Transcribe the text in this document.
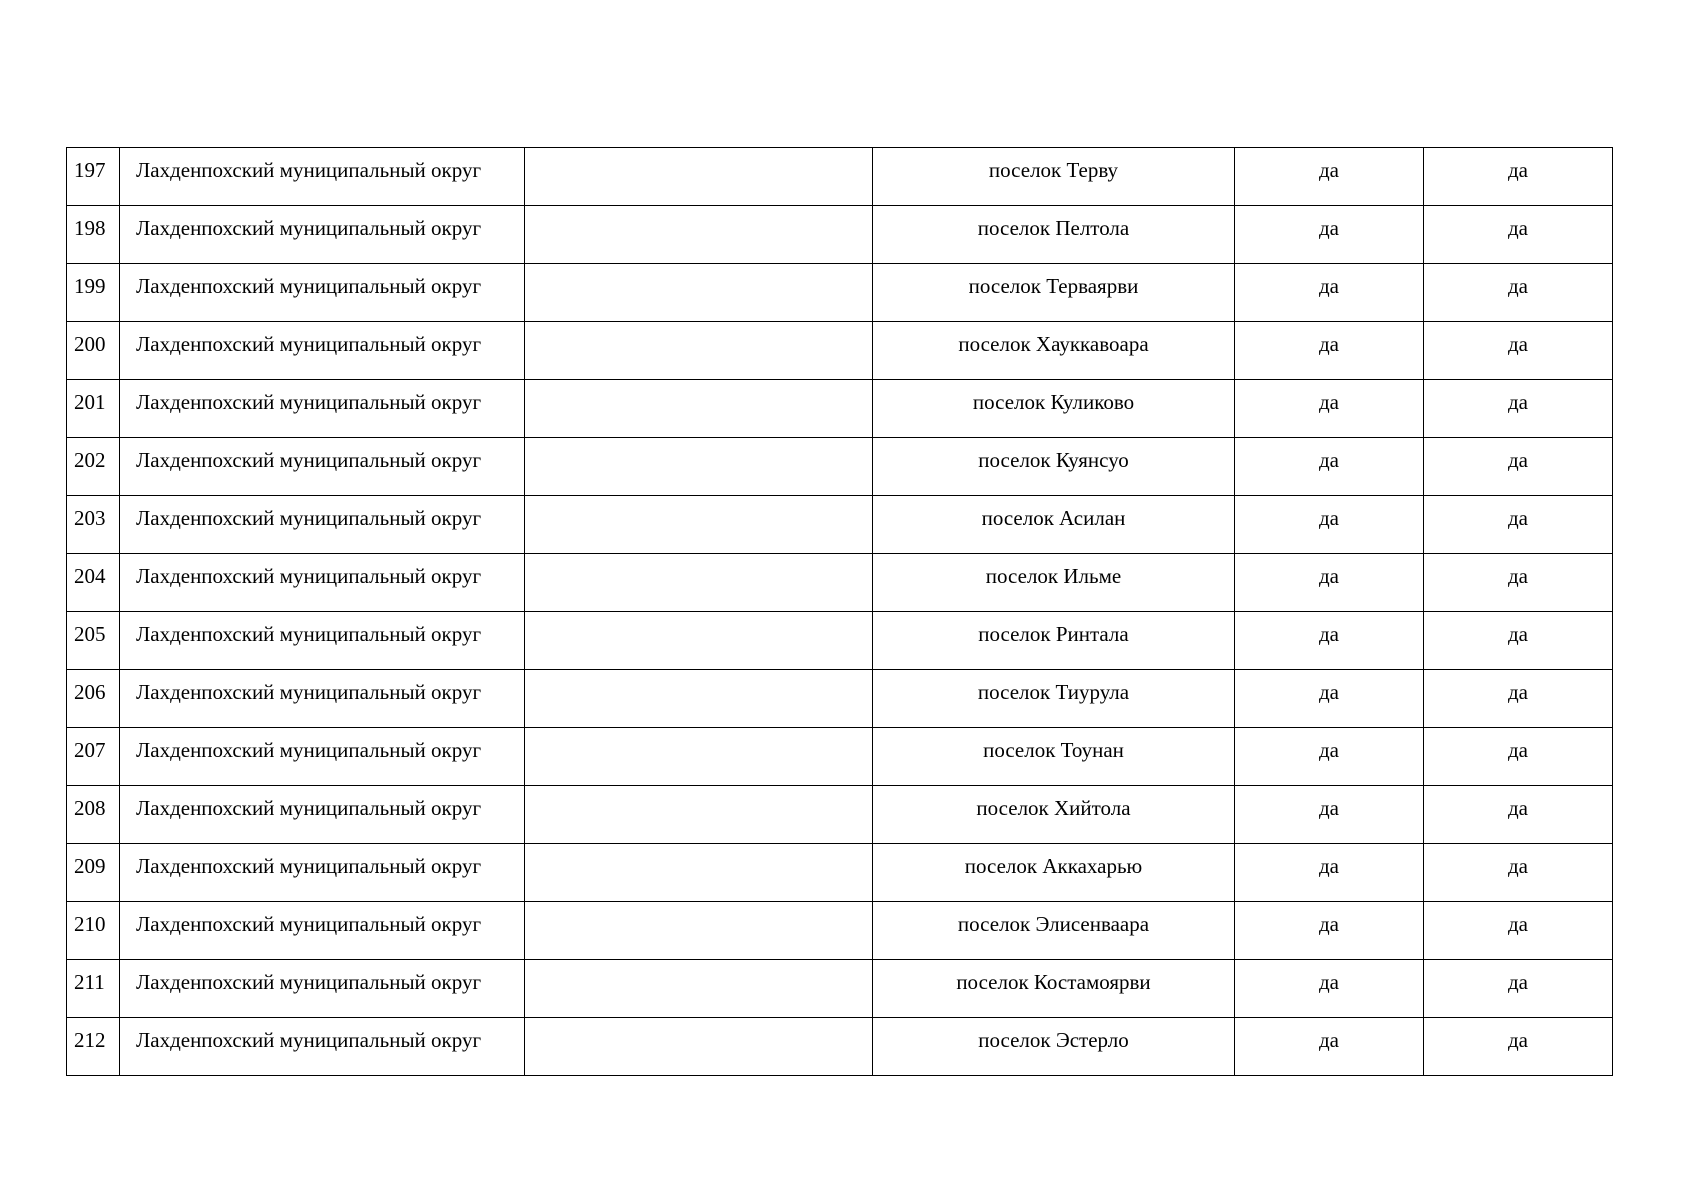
197	Лахденпохский муниципальный округ		поселок Терву	да	да

198	Лахденпохский муниципальный округ		поселок Пелтола	да	да

199	Лахденпохский муниципальный округ		поселок Терваярви	да	да

200	Лахденпохский муниципальный округ		поселок Хауккавоара	да	да

201	Лахденпохский муниципальный округ		поселок Куликово	да	да

202	Лахденпохский муниципальный округ		поселок Куянсуо	да	да

203	Лахденпохский муниципальный округ		поселок Асилан	да	да

204	Лахденпохский муниципальный округ		поселок Ильме	да	да

205	Лахденпохский муниципальный округ		поселок Ринтала	да	да

206	Лахденпохский муниципальный округ		поселок Тиурула	да	да

207	Лахденпохский муниципальный округ		поселок Тоунан	да	да

208	Лахденпохский муниципальный округ		поселок Хийтола	да	да

209	Лахденпохский муниципальный округ		поселок Аккахарью	да	да

210	Лахденпохский муниципальный округ		поселок Элисенваара	да	да

211	Лахденпохский муниципальный округ		поселок Костамоярви	да	да

212	Лахденпохский муниципальный округ		поселок Эстерло	да	да
